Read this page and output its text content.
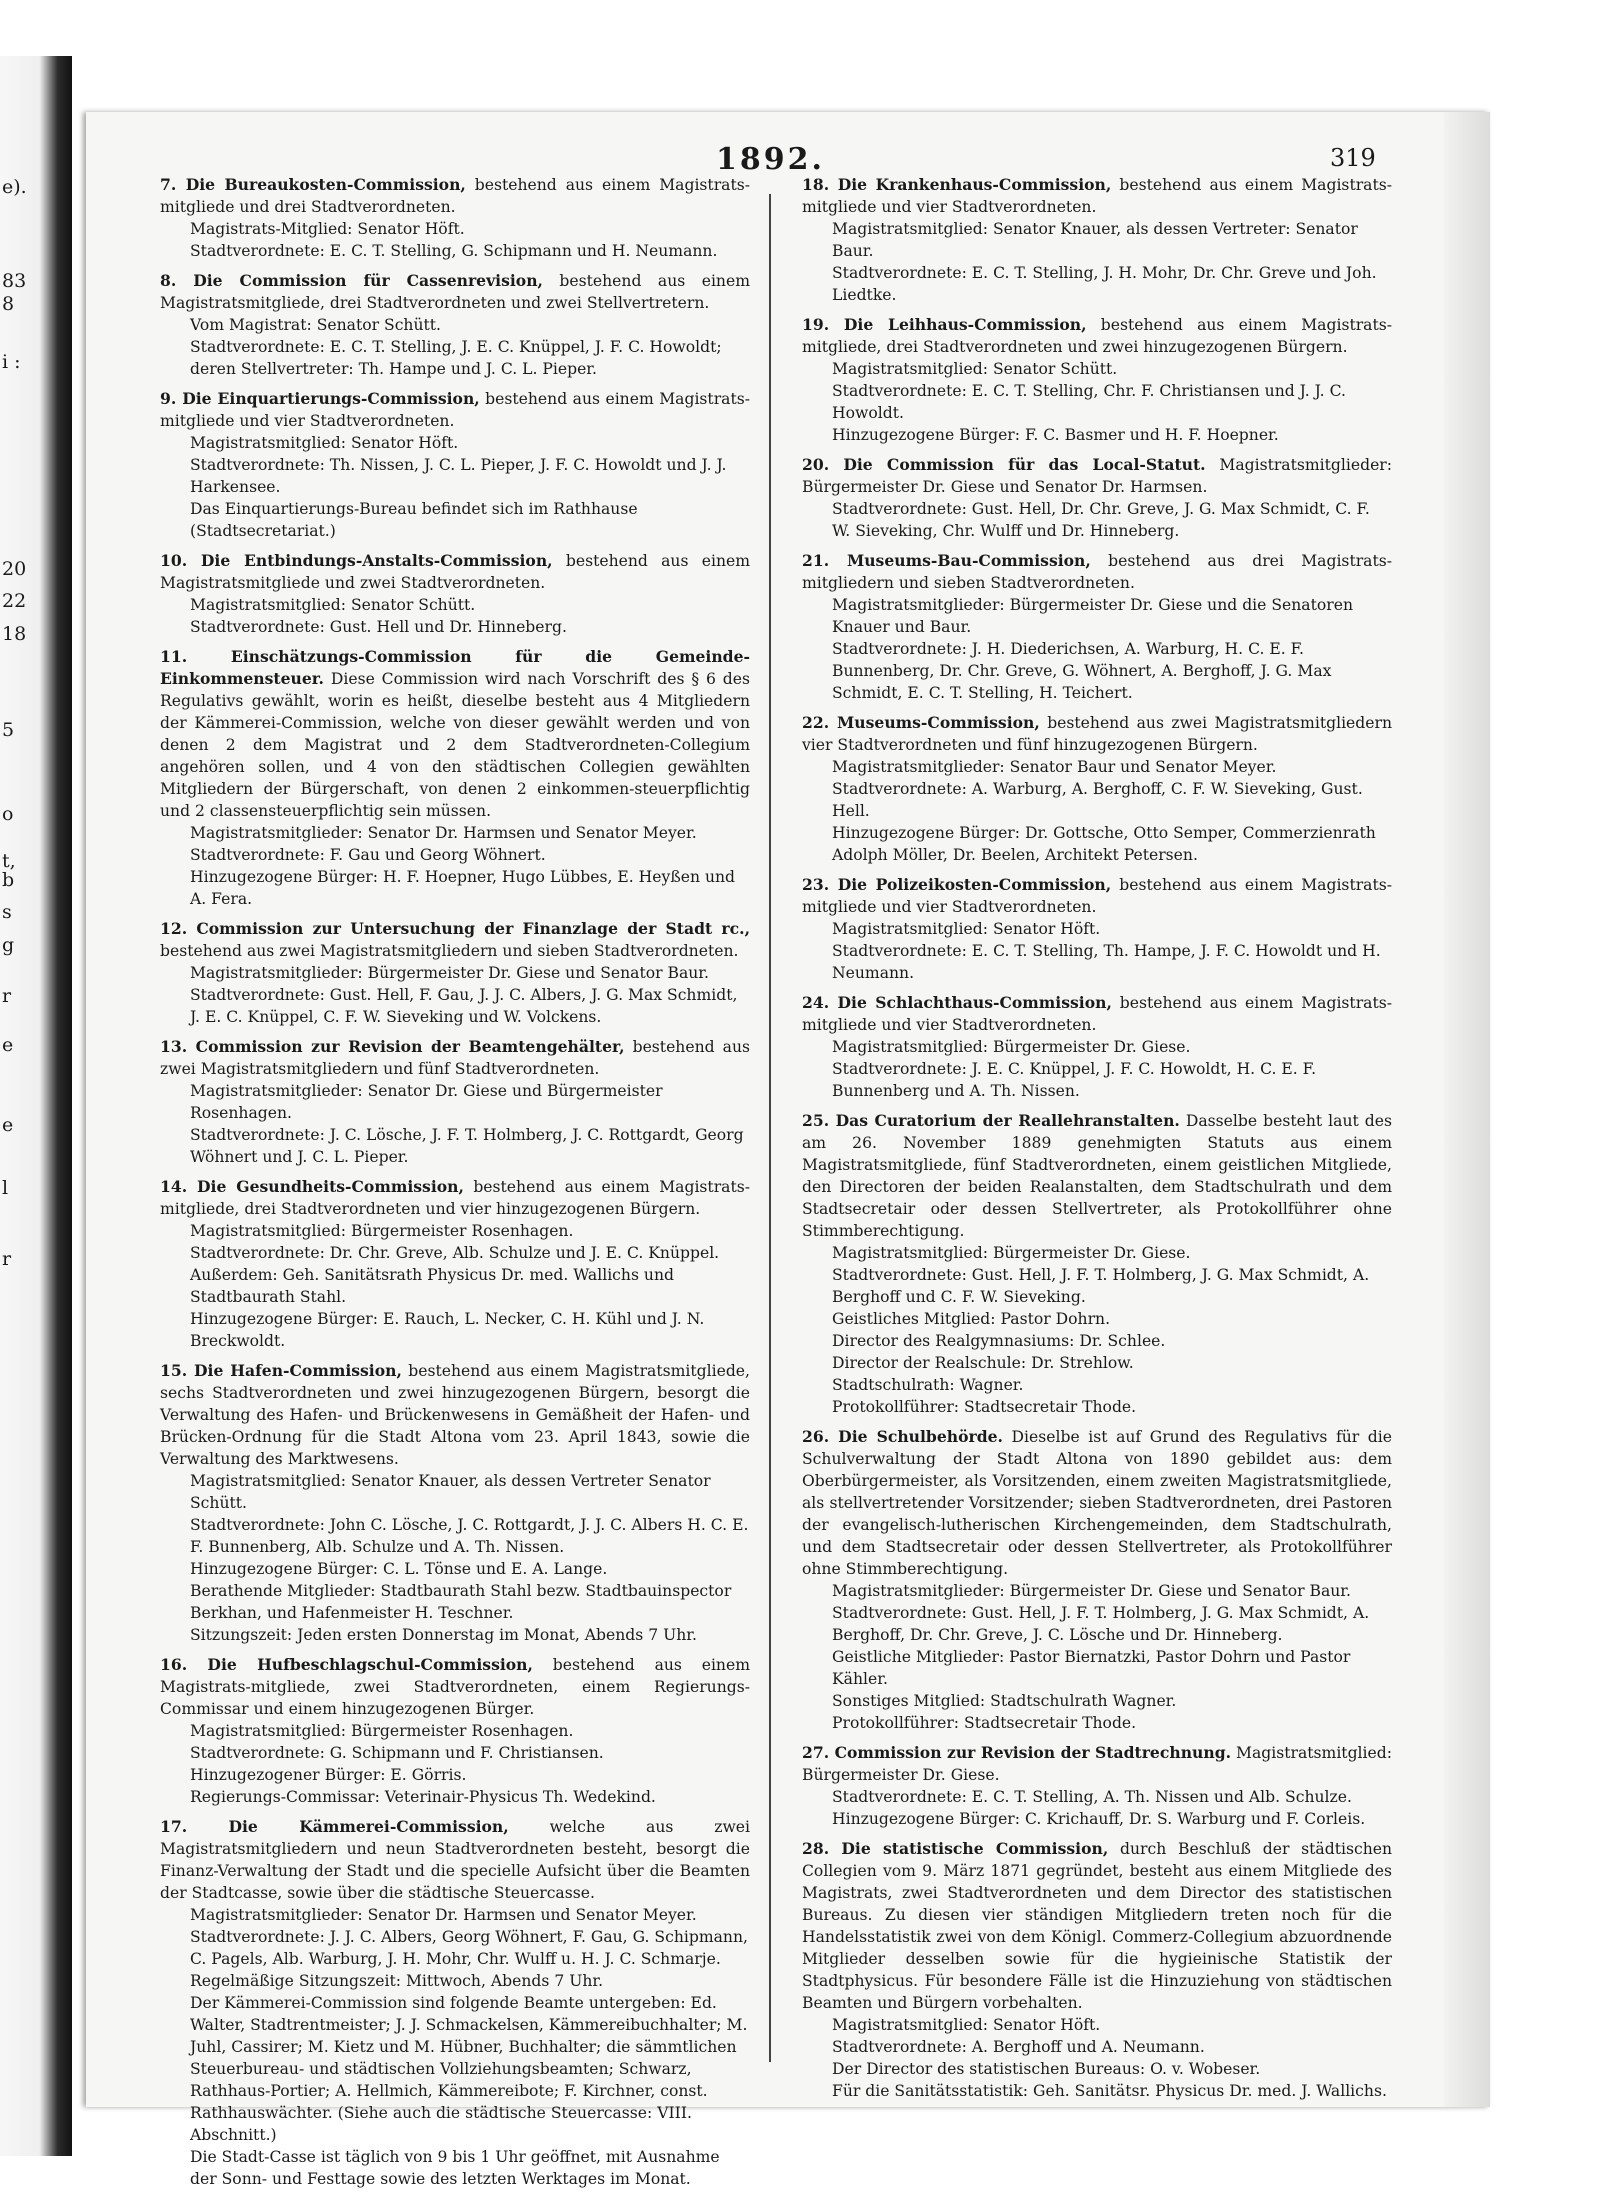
e).
83
8
i :
20
22
18
5
o
t,
b
s
g
r
e
e
l
r
1892.	319

7. Die Bureaukosten-Commission, bestehend aus einem Magistrats-mitgliede und drei Stadtverordneten.

Magistrats-Mitglied: Senator Höft.

Stadtverordnete: E. C. T. Stelling, G. Schipmann und H. Neumann.

8. Die Commission für Cassenrevision, bestehend aus einem Magistratsmitgliede, drei Stadtverordneten und zwei Stellvertretern.

Vom Magistrat: Senator Schütt.

Stadtverordnete: E. C. T. Stelling, J. E. C. Knüppel, J. F. C. Howoldt; deren Stellvertreter: Th. Hampe und J. C. L. Pieper.

9. Die Einquartierungs-Commission, bestehend aus einem Magistrats-mitgliede und vier Stadtverordneten.

Magistratsmitglied: Senator Höft.

Stadtverordnete: Th. Nissen, J. C. L. Pieper, J. F. C. Howoldt und J. J. Harkensee.

Das Einquartierungs-Bureau befindet sich im Rathhause (Stadtsecretariat.)

10. Die Entbindungs-Anstalts-Commission, bestehend aus einem Magistratsmitgliede und zwei Stadtverordneten.

Magistratsmitglied: Senator Schütt.

Stadtverordnete: Gust. Hell und Dr. Hinneberg.

11. Einschätzungs-Commission für die Gemeinde-Einkommensteuer. Diese Commission wird nach Vorschrift des § 6 des Regulativs gewählt, worin es heißt, dieselbe besteht aus 4 Mitgliedern der Kämmerei-Commission, welche von dieser gewählt werden und von denen 2 dem Magistrat und 2 dem Stadtverordneten-Collegium angehören sollen, und 4 von den städtischen Collegien gewählten Mitgliedern der Bürgerschaft, von denen 2 einkommen-steuerpflichtig und 2 classensteuerpflichtig sein müssen.

Magistratsmitglieder: Senator Dr. Harmsen und Senator Meyer.

Stadtverordnete: F. Gau und Georg Wöhnert.

Hinzugezogene Bürger: H. F. Hoepner, Hugo Lübbes, E. Heyßen und A. Fera.

12. Commission zur Untersuchung der Finanzlage der Stadt rc., bestehend aus zwei Magistratsmitgliedern und sieben Stadtverordneten.

Magistratsmitglieder: Bürgermeister Dr. Giese und Senator Baur.

Stadtverordnete: Gust. Hell, F. Gau, J. J. C. Albers, J. G. Max Schmidt, J. E. C. Knüppel, C. F. W. Sieveking und W. Volckens.

13. Commission zur Revision der Beamtengehälter, bestehend aus zwei Magistratsmitgliedern und fünf Stadtverordneten.

Magistratsmitglieder: Senator Dr. Giese und Bürgermeister Rosenhagen.

Stadtverordnete: J. C. Lösche, J. F. T. Holmberg, J. C. Rottgardt, Georg Wöhnert und J. C. L. Pieper.

14. Die Gesundheits-Commission, bestehend aus einem Magistrats-mitgliede, drei Stadtverordneten und vier hinzugezogenen Bürgern.

Magistratsmitglied: Bürgermeister Rosenhagen.

Stadtverordnete: Dr. Chr. Greve, Alb. Schulze und J. E. C. Knüppel.

Außerdem: Geh. Sanitätsrath Physicus Dr. med. Wallichs und Stadtbaurath Stahl.

Hinzugezogene Bürger: E. Rauch, L. Necker, C. H. Kühl und J. N. Breckwoldt.

15. Die Hafen-Commission, bestehend aus einem Magistratsmitgliede, sechs Stadtverordneten und zwei hinzugezogenen Bürgern, besorgt die Verwaltung des Hafen- und Brückenwesens in Gemäßheit der Hafen- und Brücken-Ordnung für die Stadt Altona vom 23. April 1843, sowie die Verwaltung des Marktwesens.

Magistratsmitglied: Senator Knauer, als dessen Vertreter Senator Schütt.

Stadtverordnete: John C. Lösche, J. C. Rottgardt, J. J. C. Albers H. C. E. F. Bunnenberg, Alb. Schulze und A. Th. Nissen.

Hinzugezogene Bürger: C. L. Tönse und E. A. Lange.

Berathende Mitglieder: Stadtbaurath Stahl bezw. Stadtbauinspector Berkhan, und Hafenmeister H. Teschner.

Sitzungszeit: Jeden ersten Donnerstag im Monat, Abends 7 Uhr.

16. Die Hufbeschlagschul-Commission, bestehend aus einem Magistrats-mitgliede, zwei Stadtverordneten, einem Regierungs-Commissar und einem hinzugezogenen Bürger.

Magistratsmitglied: Bürgermeister Rosenhagen.

Stadtverordnete: G. Schipmann und F. Christiansen.

Hinzugezogener Bürger: E. Görris.

Regierungs-Commissar: Veterinair-Physicus Th. Wedekind.

17. Die Kämmerei-Commission, welche aus zwei Magistratsmitgliedern und neun Stadtverordneten besteht, besorgt die Finanz-Verwaltung der Stadt und die specielle Aufsicht über die Beamten der Stadtcasse, sowie über die städtische Steuercasse.

Magistratsmitglieder: Senator Dr. Harmsen und Senator Meyer.

Stadtverordnete: J. J. C. Albers, Georg Wöhnert, F. Gau, G. Schipmann, C. Pagels, Alb. Warburg, J. H. Mohr, Chr. Wulff u. H. J. C. Schmarje.

Regelmäßige Sitzungszeit: Mittwoch, Abends 7 Uhr.

Der Kämmerei-Commission sind folgende Beamte untergeben: Ed. Walter, Stadtrentmeister; J. J. Schmackelsen, Kämmereibuchhalter; M. Juhl, Cassirer; M. Kietz und M. Hübner, Buchhalter; die sämmtlichen Steuerbureau- und städtischen Vollziehungsbeamten; Schwarz, Rathhaus-Portier; A. Hellmich, Kämmereibote; F. Kirchner, const. Rathhauswächter. (Siehe auch die städtische Steuercasse: VIII. Abschnitt.)

Die Stadt-Casse ist täglich von 9 bis 1 Uhr geöffnet, mit Ausnahme der Sonn- und Festtage sowie des letzten Werktages im Monat.

18. Die Krankenhaus-Commission, bestehend aus einem Magistrats-mitgliede und vier Stadtverordneten.

Magistratsmitglied: Senator Knauer, als dessen Vertreter: Senator Baur.

Stadtverordnete: E. C. T. Stelling, J. H. Mohr, Dr. Chr. Greve und Joh. Liedtke.

19. Die Leihhaus-Commission, bestehend aus einem Magistrats-mitgliede, drei Stadtverordneten und zwei hinzugezogenen Bürgern.

Magistratsmitglied: Senator Schütt.

Stadtverordnete: E. C. T. Stelling, Chr. F. Christiansen und J. J. C. Howoldt.

Hinzugezogene Bürger: F. C. Basmer und H. F. Hoepner.

20. Die Commission für das Local-Statut. Magistratsmitglieder: Bürgermeister Dr. Giese und Senator Dr. Harmsen.

Stadtverordnete: Gust. Hell, Dr. Chr. Greve, J. G. Max Schmidt, C. F. W. Sieveking, Chr. Wulff und Dr. Hinneberg.

21. Museums-Bau-Commission, bestehend aus drei Magistrats-mitgliedern und sieben Stadtverordneten.

Magistratsmitglieder: Bürgermeister Dr. Giese und die Senatoren Knauer und Baur.

Stadtverordnete: J. H. Diederichsen, A. Warburg, H. C. E. F. Bunnenberg, Dr. Chr. Greve, G. Wöhnert, A. Berghoff, J. G. Max Schmidt, E. C. T. Stelling, H. Teichert.

22. Museums-Commission, bestehend aus zwei Magistratsmitgliedern vier Stadtverordneten und fünf hinzugezogenen Bürgern.

Magistratsmitglieder: Senator Baur und Senator Meyer.

Stadtverordnete: A. Warburg, A. Berghoff, C. F. W. Sieveking, Gust. Hell.

Hinzugezogene Bürger: Dr. Gottsche, Otto Semper, Commerzienrath Adolph Möller, Dr. Beelen, Architekt Petersen.

23. Die Polizeikosten-Commission, bestehend aus einem Magistrats-mitgliede und vier Stadtverordneten.

Magistratsmitglied: Senator Höft.

Stadtverordnete: E. C. T. Stelling, Th. Hampe, J. F. C. Howoldt und H. Neumann.

24. Die Schlachthaus-Commission, bestehend aus einem Magistrats-mitgliede und vier Stadtverordneten.

Magistratsmitglied: Bürgermeister Dr. Giese.

Stadtverordnete: J. E. C. Knüppel, J. F. C. Howoldt, H. C. E. F. Bunnenberg und A. Th. Nissen.

25. Das Curatorium der Reallehranstalten. Dasselbe besteht laut des am 26. November 1889 genehmigten Statuts aus einem Magistratsmitgliede, fünf Stadtverordneten, einem geistlichen Mitgliede, den Directoren der beiden Realanstalten, dem Stadtschulrath und dem Stadtsecretair oder dessen Stellvertreter, als Protokollführer ohne Stimmberechtigung.

Magistratsmitglied: Bürgermeister Dr. Giese.

Stadtverordnete: Gust. Hell, J. F. T. Holmberg, J. G. Max Schmidt, A. Berghoff und C. F. W. Sieveking.

Geistliches Mitglied: Pastor Dohrn.

Director des Realgymnasiums: Dr. Schlee.

Director der Realschule: Dr. Strehlow.

Stadtschulrath: Wagner.

Protokollführer: Stadtsecretair Thode.

26. Die Schulbehörde. Dieselbe ist auf Grund des Regulativs für die Schulverwaltung der Stadt Altona von 1890 gebildet aus: dem Oberbürgermeister, als Vorsitzenden, einem zweiten Magistratsmitgliede, als stellvertretender Vorsitzender; sieben Stadtverordneten, drei Pastoren der evangelisch-lutherischen Kirchengemeinden, dem Stadtschulrath, und dem Stadtsecretair oder dessen Stellvertreter, als Protokollführer ohne Stimmberechtigung.

Magistratsmitglieder: Bürgermeister Dr. Giese und Senator Baur.

Stadtverordnete: Gust. Hell, J. F. T. Holmberg, J. G. Max Schmidt, A. Berghoff, Dr. Chr. Greve, J. C. Lösche und Dr. Hinneberg.

Geistliche Mitglieder: Pastor Biernatzki, Pastor Dohrn und Pastor Kähler.

Sonstiges Mitglied: Stadtschulrath Wagner.

Protokollführer: Stadtsecretair Thode.

27. Commission zur Revision der Stadtrechnung. Magistratsmitglied: Bürgermeister Dr. Giese.

Stadtverordnete: E. C. T. Stelling, A. Th. Nissen und Alb. Schulze.

Hinzugezogene Bürger: C. Krichauff, Dr. S. Warburg und F. Corleis.

28. Die statistische Commission, durch Beschluß der städtischen Collegien vom 9. März 1871 gegründet, besteht aus einem Mitgliede des Magistrats, zwei Stadtverordneten und dem Director des statistischen Bureaus. Zu diesen vier ständigen Mitgliedern treten noch für die Handelsstatistik zwei von dem Königl. Commerz-Collegium abzuordnende Mitglieder desselben sowie für die hygieinische Statistik der Stadtphysicus. Für besondere Fälle ist die Hinzuziehung von städtischen Beamten und Bürgern vorbehalten.

Magistratsmitglied: Senator Höft.

Stadtverordnete: A. Berghoff und A. Neumann.

Der Director des statistischen Bureaus: O. v. Wobeser.

Für die Sanitätsstatistik: Geh. Sanitätsr. Physicus Dr. med. J. Wallichs.
